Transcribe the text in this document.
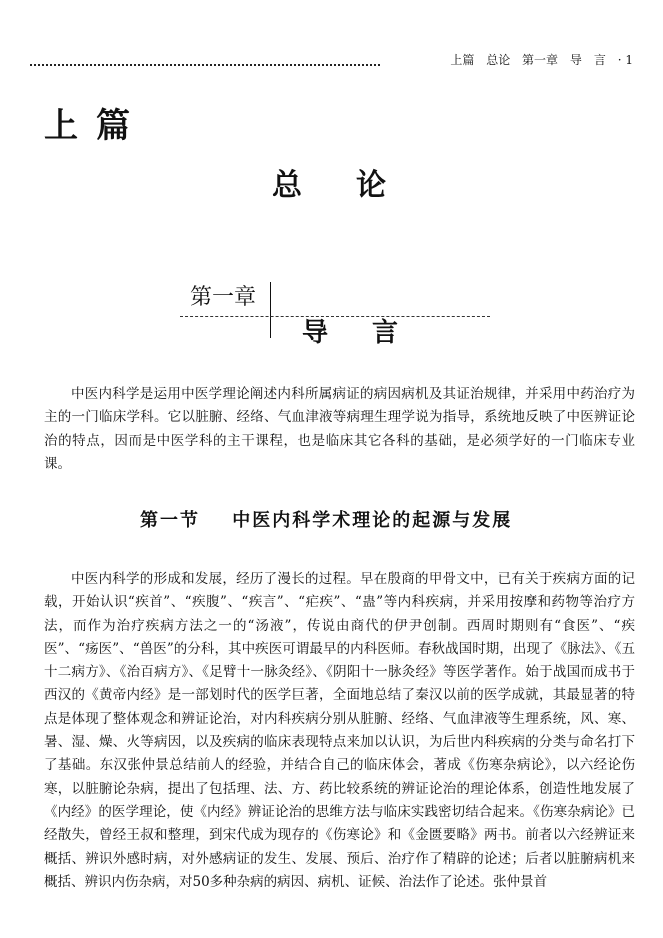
上篇 总论 第一章 导　言 · 1
上篇
总论
第一章
导言

中医内科学是运用中医学理论阐述内科所属病证的病因病机及其证治规律，并采用中药治疗为主的一门临床学科。它以脏腑、经络、气血津液等病理生理学说为指导，系统地反映了中医辨证论治的特点，因而是中医学科的主干课程，也是临床其它各科的基础，是必须学好的一门临床专业课。

第一节 中医内科学术理论的起源与发展

中医内科学的形成和发展，经历了漫长的过程。早在殷商的甲骨文中，已有关于疾病方面的记载，开始认识“疾首”、“疾腹”、“疾言”、“疟疾”、“蛊”等内科疾病，并采用按摩和药物等治疗方法，而作为治疗疾病方法之一的“汤液”，传说由商代的伊尹创制。西周时期则有“食医”、“疾医”、“疡医”、“兽医”的分科，其中疾医可谓最早的内科医师。春秋战国时期，出现了《脉法》、《五十二病方》、《治百病方》、《足臂十一脉灸经》、《阴阳十一脉灸经》等医学著作。始于战国而成书于西汉的《黄帝内经》是一部划时代的医学巨著，全面地总结了秦汉以前的医学成就，其最显著的特点是体现了整体观念和辨证论治，对内科疾病分别从脏腑、经络、气血津液等生理系统，风、寒、暑、湿、燥、火等病因，以及疾病的临床表现特点来加以认识，为后世内科疾病的分类与命名打下了基础。东汉张仲景总结前人的经验，并结合自己的临床体会，著成《伤寒杂病论》，以六经论伤寒，以脏腑论杂病，提出了包括理、法、方、药比较系统的辨证论治的理论体系，创造性地发展了《内经》的医学理论，使《内经》辨证论治的思维方法与临床实践密切结合起来。《伤寒杂病论》已经散失，曾经王叔和整理，到宋代成为现存的《伤寒论》和《金匮要略》两书。前者以六经辨证来概括、辨识外感时病，对外感病证的发生、发展、预后、治疗作了精辟的论述；后者以脏腑病机来概括、辨识内伤杂病，对50多种杂病的病因、病机、证候、治法作了论述。张仲景首
